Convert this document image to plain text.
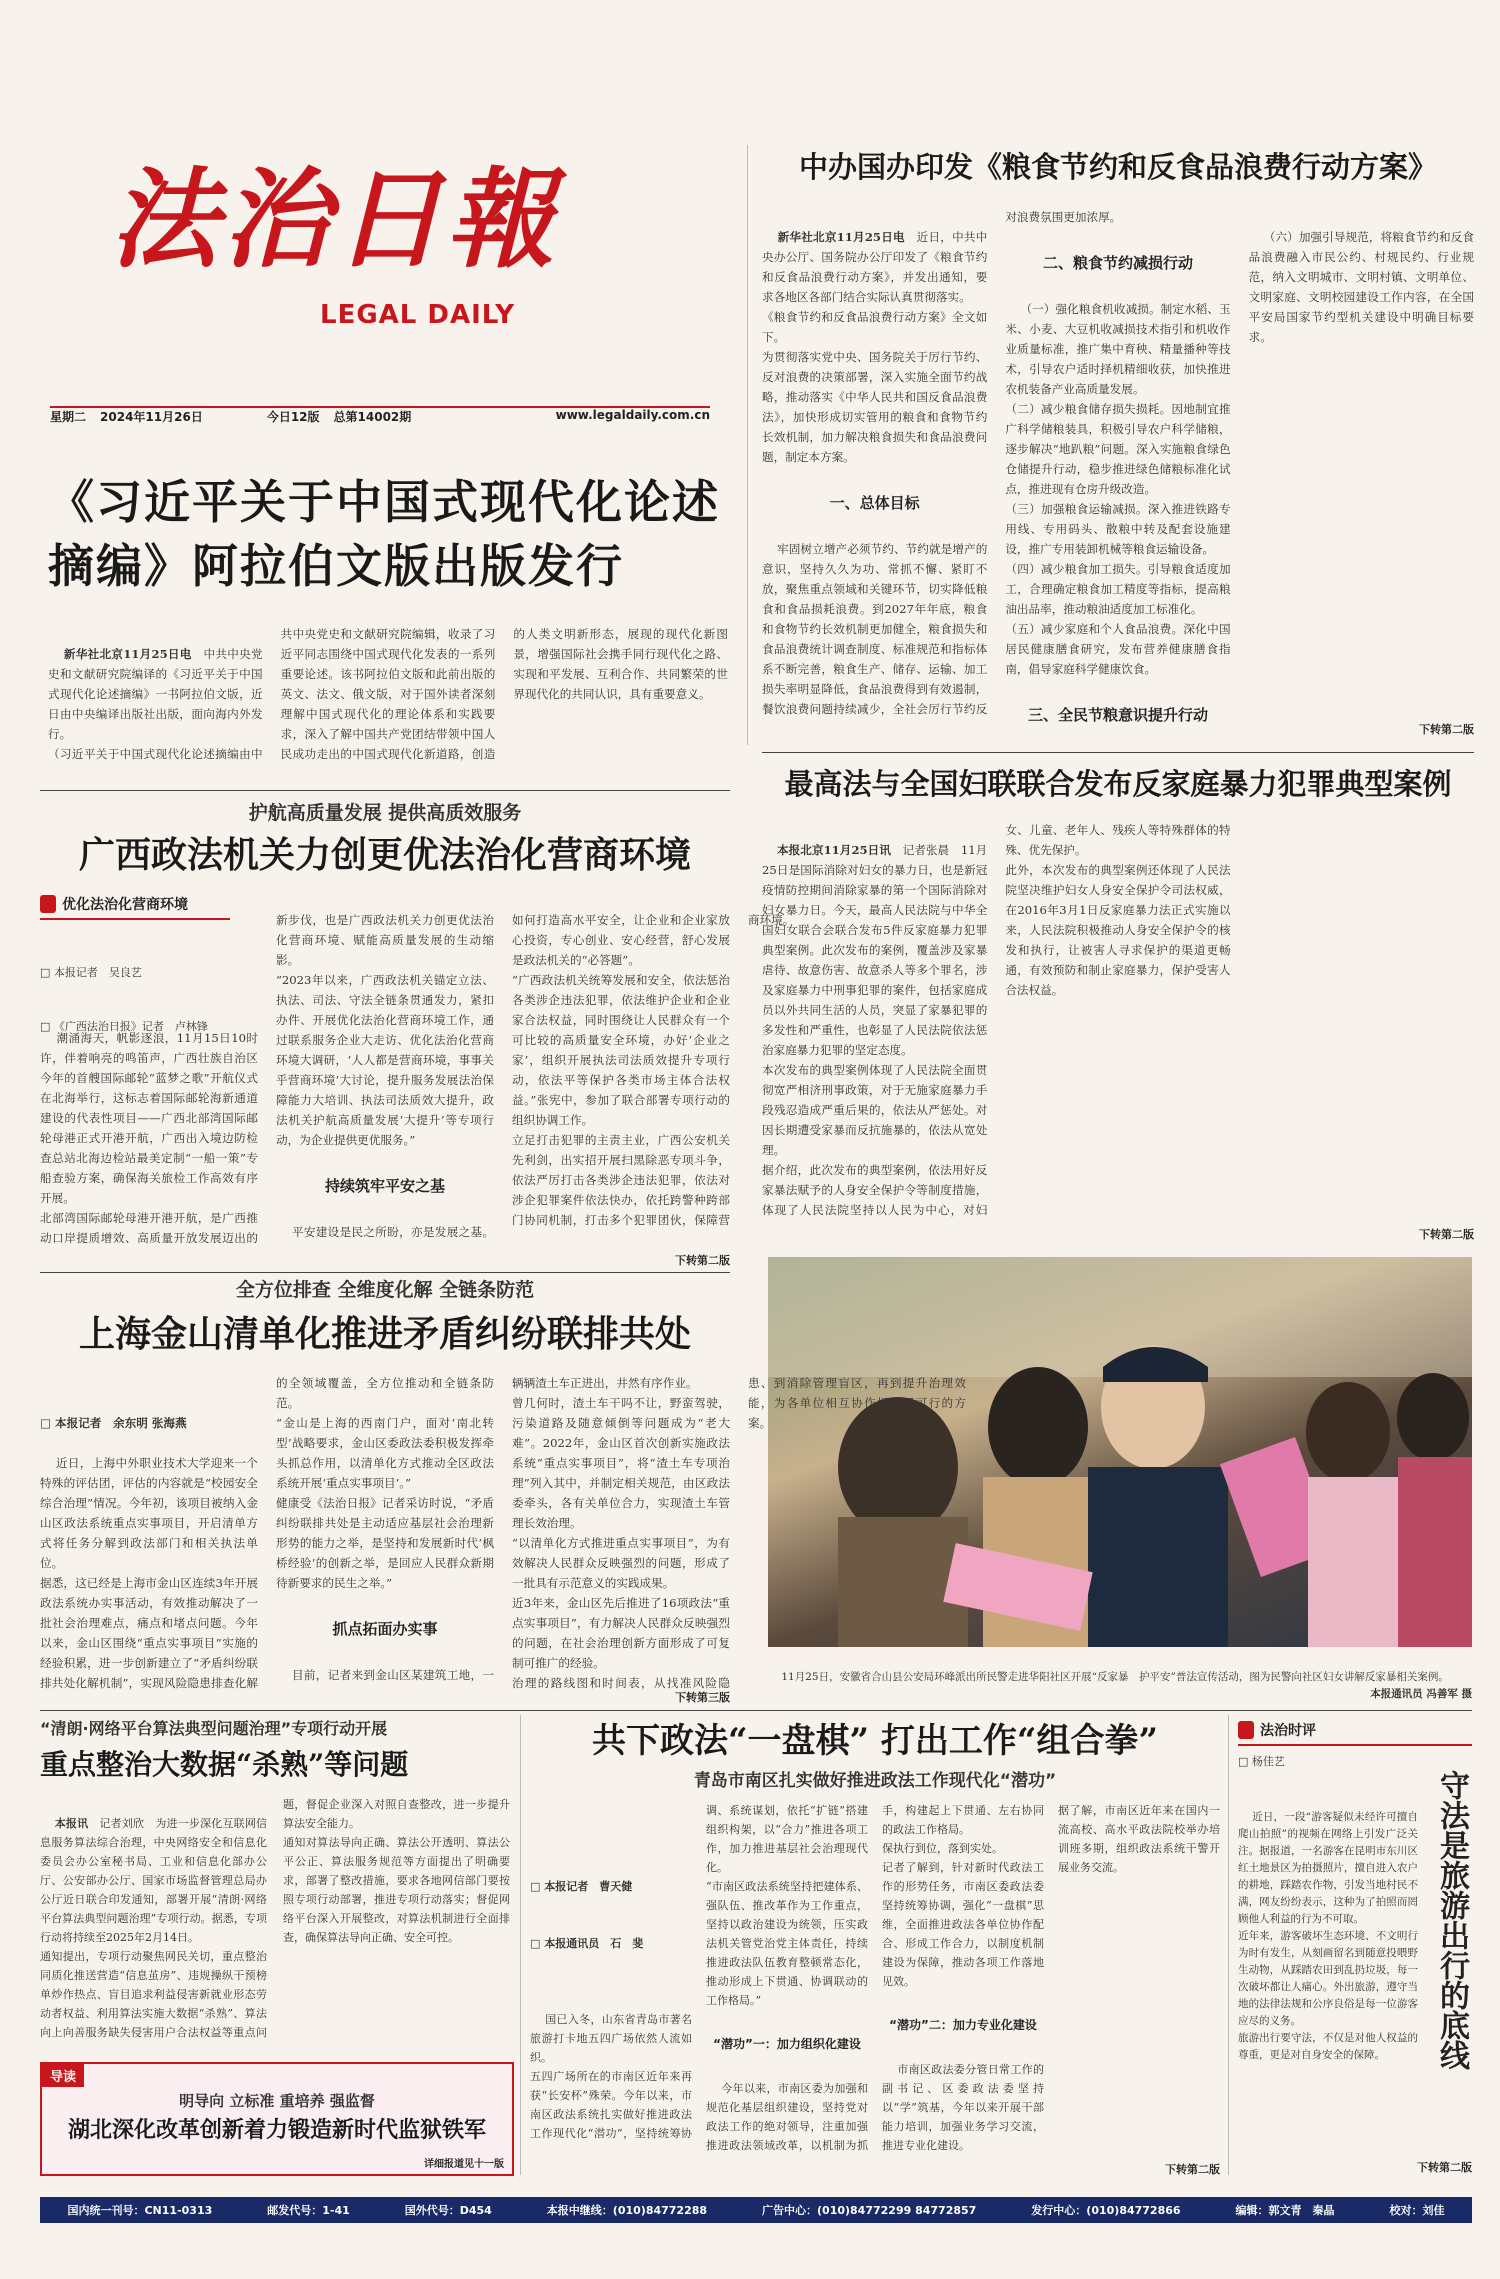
法治日報
LEGAL DAILY
星期二 2024年11月26日	今日12版 总第14002期	www.legaldaily.com.cn
中办国办印发《粮食节约和反食品浪费行动方案》

新华社北京11月25日电　 近日，中共中央办公厅、国务院办公厅印发了《粮食节约和反食品浪费行动方案》，并发出通知，要求各地区各部门结合实际认真贯彻落实。
《粮食节约和反食品浪费行动方案》全文如下。
为贯彻落实党中央、国务院关于厉行节约、反对浪费的决策部署，深入实施全面节约战略，推动落实《中华人民共和国反食品浪费法》，加快形成切实管用的粮食和食物节约长效机制，加力解决粮食损失和食品浪费问题，制定本方案。

一、总体目标

牢固树立增产必须节约、节约就是增产的意识，坚持久久为功、常抓不懈、紧盯不放，聚焦重点领域和关键环节，切实降低粮食和食品损耗浪费。到2027年年底，粮食和食物节约长效机制更加健全，粮食损失和食品浪费统计调查制度、标准规范和指标体系不断完善，粮食生产、储存、运输、加工损失率明显降低，食品浪费得到有效遏制，餐饮浪费问题持续减少，全社会厉行节约反对浪费氛围更加浓厚。

二、粮食节约减损行动

（一）强化粮食机收减损。制定水稻、玉米、小麦、大豆机收减损技术指引和机收作业质量标准，推广集中育秧、精量播种等技术，引导农户适时择机精细收获，加快推进农机装备产业高质量发展。
（二）减少粮食储存损失损耗。因地制宜推广科学储粮装具，积极引导农户科学储粮，逐步解决“地趴粮”问题。深入实施粮食绿色仓储提升行动，稳步推进绿色储粮标准化试点，推进现有仓房升级改造。
（三）加强粮食运输减损。深入推进铁路专用线、专用码头、散粮中转及配套设施建设，推广专用装卸机械等粮食运输设备。
（四）减少粮食加工损失。引导粮食适度加工，合理确定粮食加工精度等指标，提高粮油出品率，推动粮油适度加工标准化。
（五）减少家庭和个人食品浪费。深化中国居民健康膳食研究，发布营养健康膳食指南，倡导家庭科学健康饮食。

三、全民节粮意识提升行动

（六）加强引导规范，将粮食节约和反食品浪费融入市民公约、村规民约、行业规范，纳入文明城市、文明村镇、文明单位、文明家庭、文明校园建设工作内容，在全国平安局国家节约型机关建设中明确目标要求。

下转第二版
《习近平关于中国式现代化论述摘编》阿拉伯文版出版发行

新华社北京11月25日电　 中共中央党史和文献研究院编译的《习近平关于中国式现代化论述摘编》一书阿拉伯文版，近日由中央编译出版社出版，面向海内外发行。
（习近平关于中国式现代化论述摘编由中共中央党史和文献研究院编辑，收录了习近平同志围绕中国式现代化发表的一系列重要论述。该书阿拉伯文版和此前出版的英文、法文、俄文版，对于国外读者深刻理解中国式现代化的理论体系和实践要求，深入了解中国共产党团结带领中国人民成功走出的中国式现代化新道路，创造的人类文明新形态，展现的现代化新图景，增强国际社会携手同行现代化之路、实现和平发展、互利合作、共同繁荣的世界现代化的共同认识，具有重要意义。

护航高质量发展 提供高质效服务
广西政法机关力创更优法治化营商环境
优化法治化营商环境

□ 本报记者　 吴良艺

□ 《广西法治日报》记者　 卢林锋

潮涌海天，帆影逐浪，11月15日10时许，伴着响亮的鸣笛声，广西壮族自治区今年的首艘国际邮轮“蓝梦之歌”开航仪式在北海举行，这标志着国际邮轮海新通道建设的代表性项目——广西北部湾国际邮轮母港正式开港开航，广西出入境边防检查总站北海边检站最美定制“一船一策”专船查验方案，确保海关旅检工作高效有序开展。
北部湾国际邮轮母港开港开航，是广西推动口岸提质增效、高质量开放发展迈出的新步伐，也是广西政法机关力创更优法治化营商环境、赋能高质量发展的生动缩影。
“2023年以来，广西政法机关锚定立法、执法、司法、守法全链条贯通发力，紧扣办件、开展优化法治化营商环境工作，通过联系服务企业大走访、优化法治化营商环境大调研，‘人人都是营商环境，事事关乎营商环境’大讨论，提升服务发展法治保障能力大培训、执法司法质效大提升，政法机关护航高质量发展‘大提升’等专项行动，为企业提供更优服务。”

持续筑牢平安之基

平安建设是民之所盼，亦是发展之基。如何打造高水平安全，让企业和企业家放心投资，专心创业、安心经营，舒心发展是政法机关的“必答题”。
“广西政法机关统筹发展和安全，依法惩治各类涉企违法犯罪，依法维护企业和企业家合法权益，同时围绕让人民群众有一个可比较的高质量安全环境，办好‘企业之家’，组织开展执法司法质效提升专项行动，依法平等保护各类市场主体合法权益。”张宪中，参加了联合部署专项行动的组织协调工作。
立足打击犯罪的主责主业，广西公安机关先利剑，出实招开展扫黑除恶专项斗争，依法严厉打击各类涉企违法犯罪，依法对涉企犯罪案件依法快办，依托跨警种跨部门协同机制，打击多个犯罪团伙，保障营商环境。

下转第二版
最高法与全国妇联联合发布反家庭暴力犯罪典型案例

本报北京11月25日讯　 记者张晨　 11月25日是国际消除对妇女的暴力日，也是新冠疫情防控期间消除家暴的第一个国际消除对妇女暴力日。今天，最高人民法院与中华全国妇女联合会联合发布5件反家庭暴力犯罪典型案例。此次发布的案例，覆盖涉及家暴虐待、故意伤害、故意杀人等多个罪名，涉及家庭暴力中刑事犯罪的案件，包括家庭成员以外共同生活的人员，突显了家暴犯罪的多发性和严重性，也彰显了人民法院依法惩治家庭暴力犯罪的坚定态度。
本次发布的典型案例体现了人民法院全面贯彻宽严相济刑事政策，对于无施家庭暴力手段残忍造成严重后果的，依法从严惩处。对因长期遭受家暴而反抗施暴的，依法从宽处理。
据介绍，此次发布的典型案例，依法用好反家暴法赋予的人身安全保护令等制度措施，体现了人民法院坚持以人民为中心，对妇女、儿童、老年人、残疾人等特殊群体的特殊、优先保护。
此外，本次发布的典型案例还体现了人民法院坚决维护妇女人身安全保护令司法权威，在2016年3月1日反家庭暴力法正式实施以来，人民法院积极推动人身安全保护令的核发和执行，让被害人寻求保护的渠道更畅通，有效预防和制止家庭暴力，保护受害人合法权益。

下转第二版

11月25日，安徽省合山县公安局环峰派出所民警走进华阳社区开展“反家暴　护平安”普法宣传活动，图为民警向社区妇女讲解反家暴相关案例。

本报通讯员 冯善军 摄

全方位排查 全维度化解 全链条防范
上海金山清单化推进矛盾纠纷联排共处

□ 本报记者　 余东明 张海燕

近日，上海中外职业技术大学迎来一个特殊的评估团，评估的内容就是“校园安全综合治理”情况。今年初，该项目被纳入金山区政法系统重点实事项目，开启清单方式将任务分解到政法部门和相关执法单位。
据悉，这已经是上海市金山区连续3年开展政法系统办实事活动，有效推动解决了一批社会治理难点，痛点和堵点问题。今年以来，金山区围绕“重点实事项目”实施的经验积累，进一步创新建立了“矛盾纠纷联排共处化解机制”，实现风险隐患排查化解的全领域覆盖，全方位推动和全链条防范。
“金山是上海的西南门户，面对‘南北转型’战略要求，金山区委政法委积极发挥牵头抓总作用，以清单化方式推动全区政法系统开展‘重点实事项目’。”
健康受《法治日报》记者采访时说，“矛盾纠纷联排共处是主动适应基层社会治理新形势的能力之举，是坚持和发展新时代‘枫桥经验’的创新之举，是回应人民群众新期待新要求的民生之举。”

抓点拓面办实事

目前，记者来到金山区某建筑工地，一辆辆渣土车正进出，井然有序作业。
曾几何时，渣土车干吗不让，野蛮驾驶，污染道路及随意倾倒等问题成为“老大难”。2022年，金山区首次创新实施政法系统“重点实事项目”，将“渣土车专项治理”列入其中，并制定相关规范，由区政法委牵头，各有关单位合力，实现渣土车管理长效治理。
“以清单化方式推进重点实事项目”，为有效解决人民群众反映强烈的问题，形成了一批具有示范意义的实践成果。
近3年来，金山区先后推进了16项政法“重点实事项目”，有力解决人民群众反映强烈的问题，在社会治理创新方面形成了可复制可推广的经验。
治理的路线图和时间表，从找准风险隐患、到消除管理盲区，再到提升治理效能，为各单位相互协作提供了可行的方案。

下转第三版
“清朗·网络平台算法典型问题治理”专项行动开展
重点整治大数据“杀熟”等问题

本报讯　 记者刘欣　 为进一步深化互联网信息服务算法综合治理，中央网络安全和信息化委员会办公室秘书局、工业和信息化部办公厅、公安部办公厅、国家市场监督管理总局办公厅近日联合印发通知，部署开展“清朗·网络平台算法典型问题治理”专项行动。据悉，专项行动将持续至2025年2月14日。
通知提出，专项行动聚焦网民关切，重点整治同质化推送营造“信息茧房”、违规操纵干预榜单炒作热点、盲目追求利益侵害新就业形态劳动者权益、利用算法实施大数据“杀熟”、算法向上向善服务缺失侵害用户合法权益等重点问题，督促企业深入对照自查整改，进一步提升算法安全能力。
通知对算法导向正确、算法公开透明、算法公平公正、算法服务规范等方面提出了明确要求，部署了整改措施，要求各地网信部门要按照专项行动部署，推进专项行动落实；督促网络平台深入开展整改，对算法机制进行全面排查，确保算法导向正确、安全可控。

导读
明导向 立标准 重培养 强监督
湖北深化改革创新着力锻造新时代监狱铁军
详细报道见十一版
共下政法“一盘棋” 打出工作“组合拳”
青岛市南区扎实做好推进政法工作现代化“潜功”

□ 本报记者　 曹天健

□ 本报通讯员　 石　斐

国已入冬，山东省青岛市著名旅游打卡地五四广场依然人流如织。
五四广场所在的市南区近年来再获“长安杯”殊荣。今年以来，市南区政法系统扎实做好推进政法工作现代化“潜功”，坚持统筹协调、系统谋划，依托“扩链”搭建组织构架，以“合力”推进各项工作，加力推进基层社会治理现代化。
“市南区政法系统坚持把建体系、强队伍、推改革作为工作重点，坚持以政治建设为统领，压实政法机关管党治党主体责任，持续推进政法队伍教育整顿常态化，推动形成上下贯通、协调联动的工作格局。”

“潜功”一：加力组织化建设

今年以来，市南区委为加强和规范化基层组织建设，坚持党对政法工作的绝对领导，注重加强推进政法领域改革，以机制为抓手，构建起上下贯通、左右协同的政法工作格局。
保执行到位，落到实处。
记者了解到，针对新时代政法工作的形势任务，市南区委政法委坚持统筹协调，强化“一盘棋”思维，全面推进政法各单位协作配合、形成工作合力，以制度机制建设为保障，推动各项工作落地见效。

“潜功”二：加力专业化建设

市南区政法委分管日常工作的副书记、区委政法委坚持以“学”筑基，今年以来开展干部能力培训，加强业务学习交流，推进专业化建设。
据了解，市南区近年来在国内一流高校、高水平政法院校举办培训班多期，组织政法系统干警开展业务交流。

下转第二版
法治时评
□ 杨佳艺
守法是旅游出行的底线

近日，一段“游客疑似未经许可擅自爬山拍照”的视频在网络上引发广泛关注。据报道，一名游客在昆明市东川区红土地景区为拍摄照片，擅自进入农户的耕地，踩踏农作物，引发当地村民不满，网友纷纷表示，这种为了拍照而罔顾他人利益的行为不可取。
近年来，游客破坏生态环境、不文明行为时有发生，从刻画留名到随意投喂野生动物，从踩踏农田到乱扔垃圾，每一次破坏都让人痛心。外出旅游，遵守当地的法律法规和公序良俗是每一位游客应尽的义务。
旅游出行要守法，不仅是对他人权益的尊重，更是对自身安全的保障。

下转第二版
国内统一刊号：CN11-0313	邮发代号：1-41	国外代号：D454	本报中继线：(010)84772288	广告中心：(010)84772299 84772857	发行中心：(010)84772866	编辑：郭文青　秦晶	校对：刘佳
